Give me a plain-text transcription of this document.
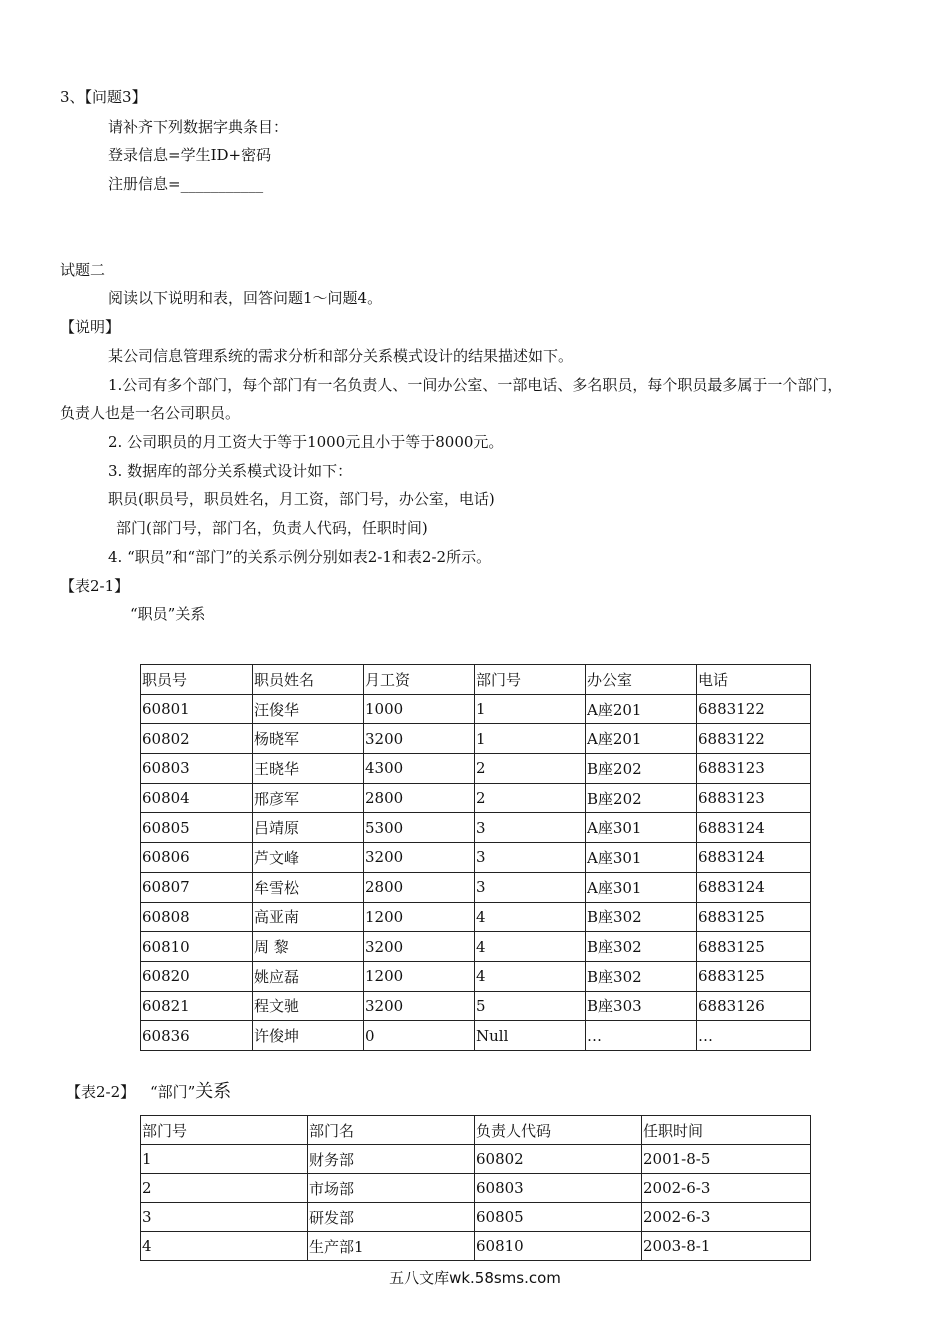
3、【问题3】
请补齐下列数据字典条目：
登录信息=学生ID+密码
注册信息=___________
试题二
阅读以下说明和表，回答问题1～问题4。
【说明】
某公司信息管理系统的需求分析和部分关系模式设计的结果描述如下。
1.公司有多个部门，每个部门有一名负责人、一间办公室、一部电话、多名职员，每个职员最多属于一个部门，
负责人也是一名公司职员。
2. 公司职员的月工资大于等于1000元且小于等于8000元。
3. 数据库的部分关系模式设计如下：
职员(职员号，职员姓名，月工资，部门号，办公室，电话)
部门(部门号，部门名，负责人代码，任职时间)
4. “职员”和“部门”的关系示例分别如表2-1和表2-2所示。
【表2-1】
“职员”关系
职员号	职员姓名	月工资	部门号	办公室	电话
60801	汪俊华	1000	1	A座201	6883122
60802	杨晓军	3200	1	A座201	6883122
60803	王晓华	4300	2	B座202	6883123
60804	邢彦军	2800	2	B座202	6883123
60805	吕靖原	5300	3	A座301	6883124
60806	芦文峰	3200	3	A座301	6883124
60807	牟雪松	2800	3	A座301	6883124
60808	高亚南	1200	4	B座302	6883125
60810	周 黎	3200	4	B座302	6883125
60820	姚应磊	1200	4	B座302	6883125
60821	程文驰	3200	5	B座303	6883126
60836	许俊坤	0	Null	…	…
【表2-2】 “部门”关系
部门号	部门名	负责人代码	任职时间
1	财务部	60802	2001-8-5
2	市场部	60803	2002-6-3
3	研发部	60805	2002-6-3
4	生产部1	60810	2003-8-1
五八文库wk.58sms.com
